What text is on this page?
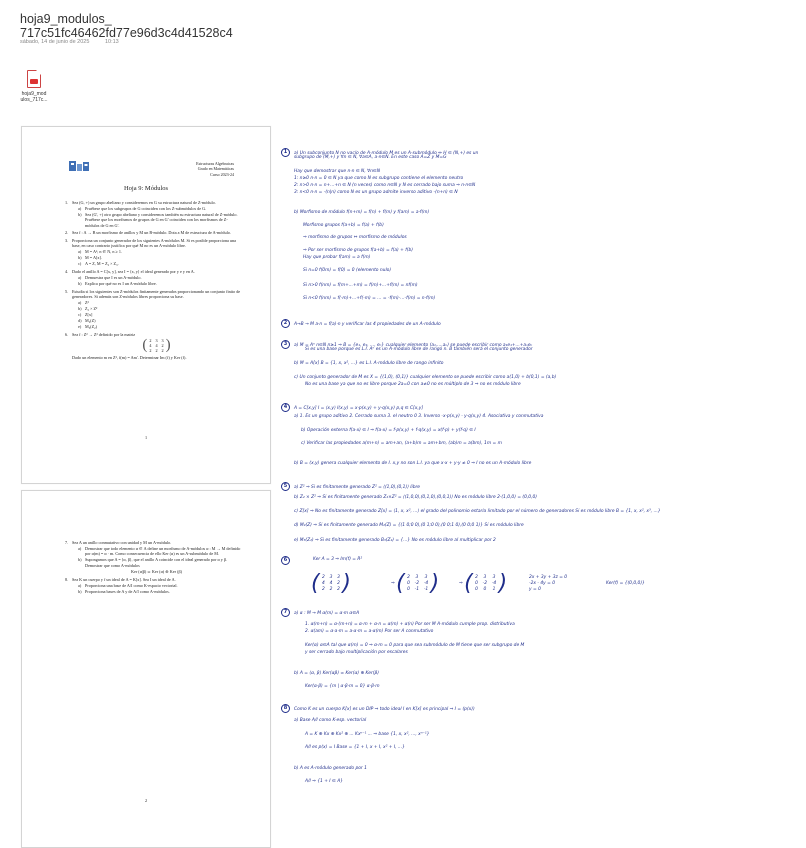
hoja9_modulos_
717c51fc46462fd77e96d3c4d41528c4
sábado, 14 de junio de 2025	10:13
hoja9_mod
ulos_717c...
Estructuras Algebraicas
Grado en Matemáticas
Curso 2023-24
Hoja 9: Módulos
1. Sea (G, +) un grupo abeliano y consideremos en G su estructura natural de Z-módulo.
a) Pruébese que los subgrupos de G coinciden con los Z-submódulos de G.
b) Sea (G', +) otro grupo abeliano y consideremos también su estructura natural de Z-módulo. Pruébese que los morfismos de grupos de G en G' coinciden con los morfismos de Z-módulos de G en G'.
2. Sea f : A → B un morfismo de anillos y M un B-módulo. Dota a M de estructura de A-módulo.
3. Proporciona un conjunto generador de los siguientes A-módulos M. Si es posible proporciona una base, en caso contrario justifica por qué M no es un A-módulo libre.
a) M = Aⁿ, n ∈ N, n ≥ 1.
b) M = A[x].
c) A = Z, M = Z₂ × Z₃.
4. Dado el anillo A = C[x, y], sea I = ⟨x, y⟩ el ideal generado por y e y en A.
a) Demuestra que I es un A-módulo.
b) Explica por qué no es I un A-módulo libre.
5. Estudia si los siguientes son Z-módulos finitamente generados proporcionando un conjunto finito de generadores. Si además son Z-módulos libres proporciona su base.
a) Z²
b) Z₂ × Z²
c) Z[x]
d) M₂(Z)
e) M₃(Z₂)
6. Sea f : Z³ → Z³ definido por la matriz
( 2	3	3
4	4	2
2	2	2 )
Dado un elemento m en Z³, f(m) = Am'. Determinar Im (f) y Ker (f).
1
7. Sea A un anillo conmutativo con unidad y M un A-módulo.
a) Demostrar que todo elemento α ∈ A define un morfismo de A-módulos α : M → M definido por α(m) = α · m. Como consecuencia de ello Ker (α) es un A-submódulo de M.
b) Supongamos que A = ⟨α, β⟩, que el anillo A coincide con el ideal generado por α y β. Demostrar que como A-módulos
Ker (α|β) ≃ Ker (α) ⊕ Ker (β)
8. Sea K un cuerpo y f un ideal de A = K[x]. Sea I un ideal de A.
a) Proporciona una base de A/I como K-espacio vectorial.
b) Proporciona bases de A y de A/I como A-módulos.
2
1 a) Un subconjunto N no vacío de A-módulo M es un A-submódulo ⇔ H ∈ (N,+) es un
subgrupo de (M,+) y ∀n ∈ N, ∀a∈A, a·n∈N. En este caso A=Z y M=G
Hay que demostrar que n·n ∈ N, ∀n∈N
1: n≥0 n·n = 0 ∈ N ya que como N es subgrupo contiene el elemento neutro
2: n>0 n·n = n+...+n ∈ N (n veces) como n∈N y N es cerrado bajo suma ⇒ n·n∈N
3: n<0 n·n = -(n|n) como N es un grupo admite inverso aditivo -(n+n) ∈ N
b) Morfismo de módulo f(n+m) = f(n) + f(m) y f(am) = a·f(m)
Morfismo grupos f(a+b) = f(a) + f(b)
⇒ morfismo de grupos ⇔ morfismo de módulos
⇒ Por ser morfismo de grupos f(a+b) = f(a) + f(b)
Hay que probar f(am) = a f(m)
Si n=0 f(0m) = f(0) = 0 (elemento nulo)
Si n>0 f(nm) = f(m+...+m) = f(m)+...+f(m) = nf(m)
Si n<0 f(nm) = f(-m)+...+f(-m) = ... = -f(m)-...-f(m) = n·f(m)
2 A→B → M a·n = f(a)·n y verificar las 4 propiedades de un A-módulo
3 a) M = Aⁿ n∈N n≥1 ⇒ B = {e₁, e₂, ..., eₙ} cualquier elemento (a₁,...,aₙ) se puede escribir como a₁e₁+...+aₙeₙ
Si es una base porque es L.I. Aⁿ es un A-módulo libre de rango n. B también será el conjunto generador
b) M = A[x] B = {1, x, x², ...} es L.I. A-módulo libre de rango infinito
c) Un conjunto generador de M es X = {(1,0), (0,1)} cualquier elemento se puede escribir como a(1,0) + b(0,1) = (a,b)
No es una base ya que no es libre porque 2a=0 con a≠0 no es múltiplo de 3 ⇒ no es módulo libre
4 A = C[x,y] I = ⟨x,y⟩ I(x,y) = x·p(x,y) + y·q(x,y) p,q ∈ C[x,y]
a) 1. Es un grupo aditivo 2. Cerrado suma 3. el neutro 0 3. Inverso -x·p(x,y) - y·q(x,y) 4. Asociativa y conmutativa
b) Operación externa f(a·x) ∈ I ⇒ f(a·x) = f·p(x,y) + f·q(x,y) = x(f·p) + y(f·q) ∈ I
c) Verificar las propiedades a(m+n) = am+an, (a+b)m = am+bm, (ab)m = a(bm), 1m = m
b) B = (x,y) genera cualquier elemento de I. x,y no son L.I. ya que x·x + y·y ≠ 0 ⇒ I no es un A-módulo libre
5 a) Z² ⇒ Si es finitamente generado Z² = ⟨(1,0),(0,1)⟩ libre
b) Z₂ × Z² ⇒ Si es finitamente generado Z₂×Z² = ⟨(1,0,0),(0,1,0),(0,0,1)⟩ No es módulo libre 2·(1,0,0) = (0,0,0)
c) Z[x] ⇒ No es finitamente generado Z[x] = ⟨1, x, x², ...⟩ el grado del polinomio estaría limitado por el número de generadores Si es módulo libre B = {1, x, x², x³, ...}
d) M₂(Z) ⇒ Si es finitamente generado M₂(Z) = {(1 0;0 0),(0 1;0 0),(0 0;1 0),(0 0;0 1)} Si es módulo libre
e) M₃(Z₂) ⇒ Si es finitamente generado B₃(Z₂) = {...} No es módulo libre al multiplicar por 2
6	Ker A = 3 ⇒ Im(f) = R²
( 2	3	3
4	4	2
2	2	2 )	⇒ ( 2	3	3
0	-2	-4
0	-1	-1 )	⇒ ( 2	3	3
0	-2	-4
0	0	1 )	2x + 3y + 3z = 0
-2x - 4y = 0
y = 0
Ker(f) = {(0,0,0)}
7 a) α : M → M α(m) = α·m α∈A
1. α(m+n) = α·(m+n) = α·m + α·n = α(m) + α(n) Por ser M A-módulo cumple prop. distributiva
2. α(am) = α·a·m = a·α·m = a·α(m) Por ser A conmutativo
Ker(α) α∈A tal que α(m) = 0 ⇒ α·m = 0 para que sea submódulo de M tiene que ser subgrupo de M
y ser cerrado bajo multiplicación por escalares
b) A = ⟨α, β⟩ Ker(αβ) ≃ Ker(α) ⊕ Ker(β)
Ker(α·β) = {m | α·β·m = 0} α·β·m
8 Como K es un cuerpo K[x] es un DIP ⇒ todo ideal I en K[x] es principal ⇒ I = (p(x))
a) Base A/I como K-esp. vectorial
A = K ⊕ Kx ⊕ Kx² ⊕ ... Kxⁿ⁻¹ ... ⇒ base {1, x, x², ..., xⁿ⁻¹}
A/I es p(x) = I Base = {1 + I, x + I, x² + I, ...}
b) A es A-módulo generado por 1
A/I ⇒ {1 + I ∈ A}
